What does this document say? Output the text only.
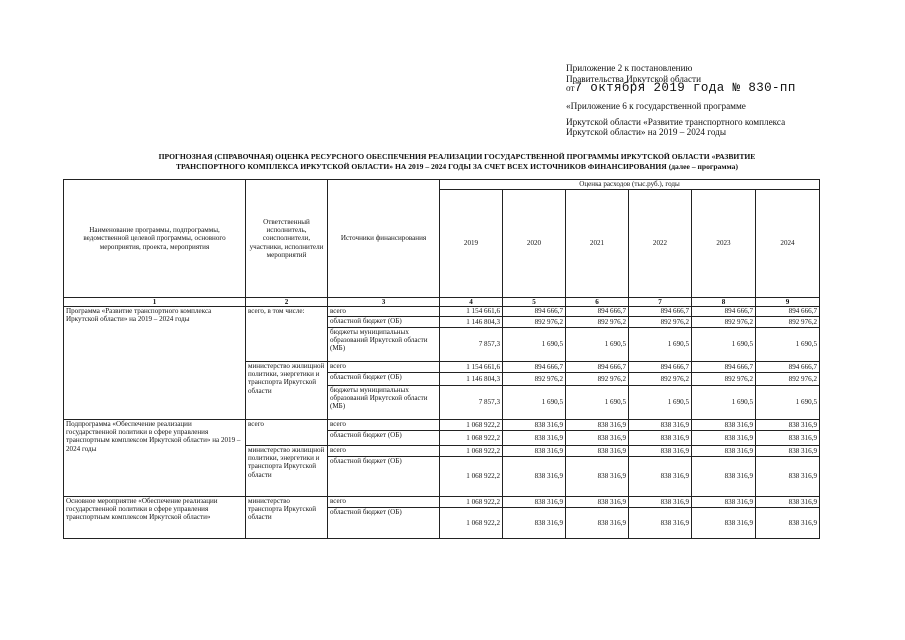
Приложение 2 к постановлению
Правительства Иркутской области
от7 октября 2019 года № 830-пп
«Приложение 6 к государственной программе
Иркутской области «Развитие транспортного комплекса
Иркутской области» на 2019 – 2024 годы
ПРОГНОЗНАЯ (СПРАВОЧНАЯ) ОЦЕНКА РЕСУРСНОГО ОБЕСПЕЧЕНИЯ РЕАЛИЗАЦИИ ГОСУДАРСТВЕННОЙ ПРОГРАММЫ ИРКУТСКОЙ ОБЛАСТИ «РАЗВИТИЕ
ТРАНСПОРТНОГО КОМПЛЕКСА ИРКУТСКОЙ ОБЛАСТИ» НА 2019 – 2024 ГОДЫ ЗА СЧЕТ ВСЕХ ИСТОЧНИКОВ ФИНАНСИРОВАНИЯ (далее – программа)
Наименование программы, подпрограммы, ведомственной целевой программы, основного мероприятия, проекта, мероприятия	Ответственный исполнитель, соисполнители, участники, исполнители мероприятий	Источники финансирования	Оценка расходов (тыс.руб.), годы					
			2019	2020	2021	2022	2023	2024
1	2	3	4	5	6	7	8	9
Программа «Развитие транспортного комплекса Иркутской области» на 2019 – 2024 годы	всего, в том числе:	всего	1 154 661,6	894 666,7	894 666,7	894 666,7	894 666,7	894 666,7
		областной бюджет (ОБ)	1 146 804,3	892 976,2	892 976,2	892 976,2	892 976,2	892 976,2
		бюджеты муниципальных образований Иркутской области (МБ)	7 857,3	1 690,5	1 690,5	1 690,5	1 690,5	1 690,5
	министерство жилищной политики, энергетики и транспорта Иркутской области	всего	1 154 661,6	894 666,7	894 666,7	894 666,7	894 666,7	894 666,7
		областной бюджет (ОБ)	1 146 804,3	892 976,2	892 976,2	892 976,2	892 976,2	892 976,2
		бюджеты муниципальных образований Иркутской области (МБ)	7 857,3	1 690,5	1 690,5	1 690,5	1 690,5	1 690,5
Подпрограмма «Обеспечение реализации государственной политики в сфере управления транспортным комплексом Иркутской области» на 2019 – 2024 годы	всего	всего	1 068 922,2	838 316,9	838 316,9	838 316,9	838 316,9	838 316,9
		областной бюджет (ОБ)	1 068 922,2	838 316,9	838 316,9	838 316,9	838 316,9	838 316,9
	министерство жилищной политики, энергетики и транспорта Иркутской области	всего	1 068 922,2	838 316,9	838 316,9	838 316,9	838 316,9	838 316,9
		областной бюджет (ОБ)	1 068 922,2	838 316,9	838 316,9	838 316,9	838 316,9	838 316,9
Основное мероприятие «Обеспечение реализации государственной политики в сфере управления транспортным комплексом Иркутской области»	министерство транспорта Иркутской области	всего	1 068 922,2	838 316,9	838 316,9	838 316,9	838 316,9	838 316,9
		областной бюджет (ОБ)	1 068 922,2	838 316,9	838 316,9	838 316,9	838 316,9	838 316,9
